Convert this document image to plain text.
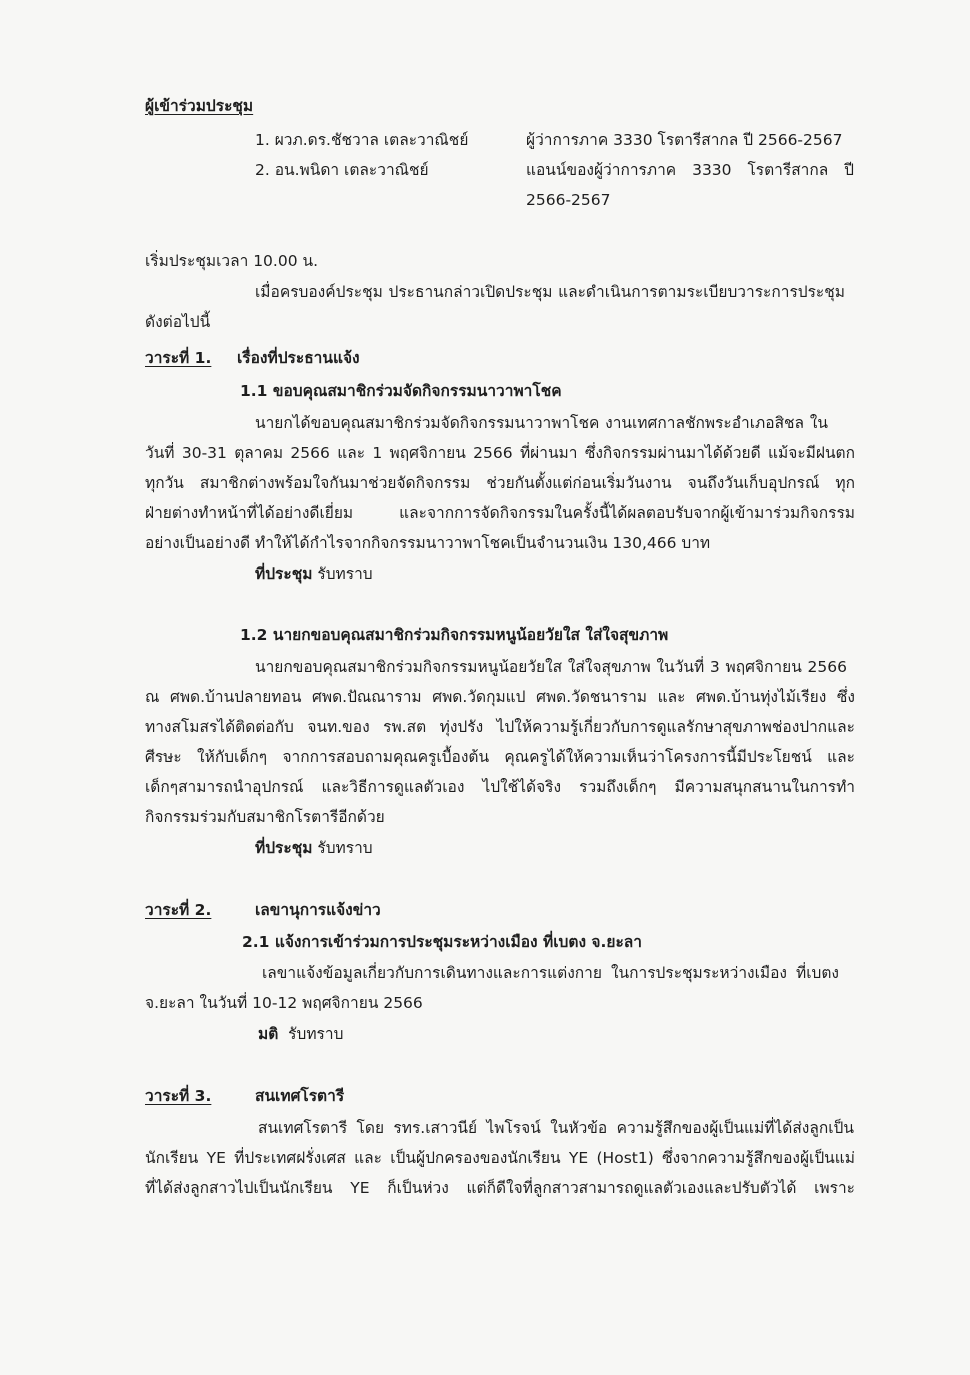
ผู้เข้าร่วมประชุม
1. ผวภ.ดร.ชัชวาล เตละวาณิชย์	ผู้ว่าการภาค 3330 โรตารีสากล ปี 2566-2567
2. อน.พนิดา เตละวาณิชย์	แอนน์ของผู้ว่าการภาค 3330 โรตารีสากล ปี
2566-2567
เริ่มประชุมเวลา 10.00 น.
เมื่อครบองค์ประชุม ประธานกล่าวเปิดประชุม และดำเนินการตามระเบียบวาระการประชุม
ดังต่อไปนี้
วาระที่ 1. เรื่องที่ประธานแจ้ง
1.1 ขอบคุณสมาชิกร่วมจัดกิจกรรมนาวาพาโชค
นายกได้ขอบคุณสมาชิกร่วมจัดกิจกรรมนาวาพาโชค งานเทศกาลชักพระอำเภอสิชล ใน
วันที่ 30-31 ตุลาคม 2566 และ 1 พฤศจิกายน 2566 ที่ผ่านมา ซึ่งกิจกรรมผ่านมาได้ด้วยดี แม้จะมีฝนตก
ทุกวัน สมาชิกต่างพร้อมใจกันมาช่วยจัดกิจกรรม ช่วยกันตั้งแต่ก่อนเริ่มวันงาน จนถึงวันเก็บอุปกรณ์ ทุก
ฝ่ายต่างทำหน้าที่ได้อย่างดีเยี่ยม และจากการจัดกิจกรรมในครั้งนี้ได้ผลตอบรับจากผู้เข้ามาร่วมกิจกรรม
อย่างเป็นอย่างดี ทำให้ได้กำไรจากกิจกรรมนาวาพาโชคเป็นจำนวนเงิน 130,466 บาท
ที่ประชุม รับทราบ
1.2 นายกขอบคุณสมาชิกร่วมกิจกรรมหนูน้อยวัยใส ใส่ใจสุขภาพ
นายกขอบคุณสมาชิกร่วมกิจกรรมหนูน้อยวัยใส ใส่ใจสุขภาพ ในวันที่ 3 พฤศจิกายน 2566
ณ ศพด.บ้านปลายทอน ศพด.ปัณณาราม ศพด.วัดกุมแป ศพด.วัดชนาราม และ ศพด.บ้านทุ่งไม้เรียง ซึ่ง
ทางสโมสรได้ติดต่อกับ จนท.ของ รพ.สต ทุ่งปรัง ไปให้ความรู้เกี่ยวกับการดูแลรักษาสุขภาพช่องปากและ
ศีรษะ ให้กับเด็กๆ จากการสอบถามคุณครูเบื้องต้น คุณครูได้ให้ความเห็นว่าโครงการนี้มีประโยชน์ และ
เด็กๆสามารถนำอุปกรณ์ และวิธีการดูแลตัวเอง ไปใช้ได้จริง รวมถึงเด็กๆ มีความสนุกสนานในการทำ
กิจกรรมร่วมกับสมาชิกโรตารีอีกด้วย
ที่ประชุม รับทราบ
วาระที่ 2.	เลขานุการแจ้งข่าว
2.1 แจ้งการเข้าร่วมการประชุมระหว่างเมือง ที่เบตง จ.ยะลา
เลขาแจ้งข้อมูลเกี่ยวกับการเดินทางและการแต่งกาย ในการประชุมระหว่างเมือง ที่เบตง
จ.ยะลา ในวันที่ 10-12 พฤศจิกายน 2566
มติ รับทราบ
วาระที่ 3.	สนเทศโรตารี
สนเทศโรตารี โดย รทร.เสาวนีย์ ไพโรจน์ ในหัวข้อ ความรู้สึกของผู้เป็นแม่ที่ได้ส่งลูกเป็น
นักเรียน YE ที่ประเทศฝรั่งเศส และ เป็นผู้ปกครองของนักเรียน YE (Host1) ซึ่งจากความรู้สึกของผู้เป็นแม่
ที่ได้ส่งลูกสาวไปเป็นนักเรียน YE ก็เป็นห่วง แต่ก็ดีใจที่ลูกสาวสามารถดูแลตัวเองและปรับตัวได้ เพราะ
